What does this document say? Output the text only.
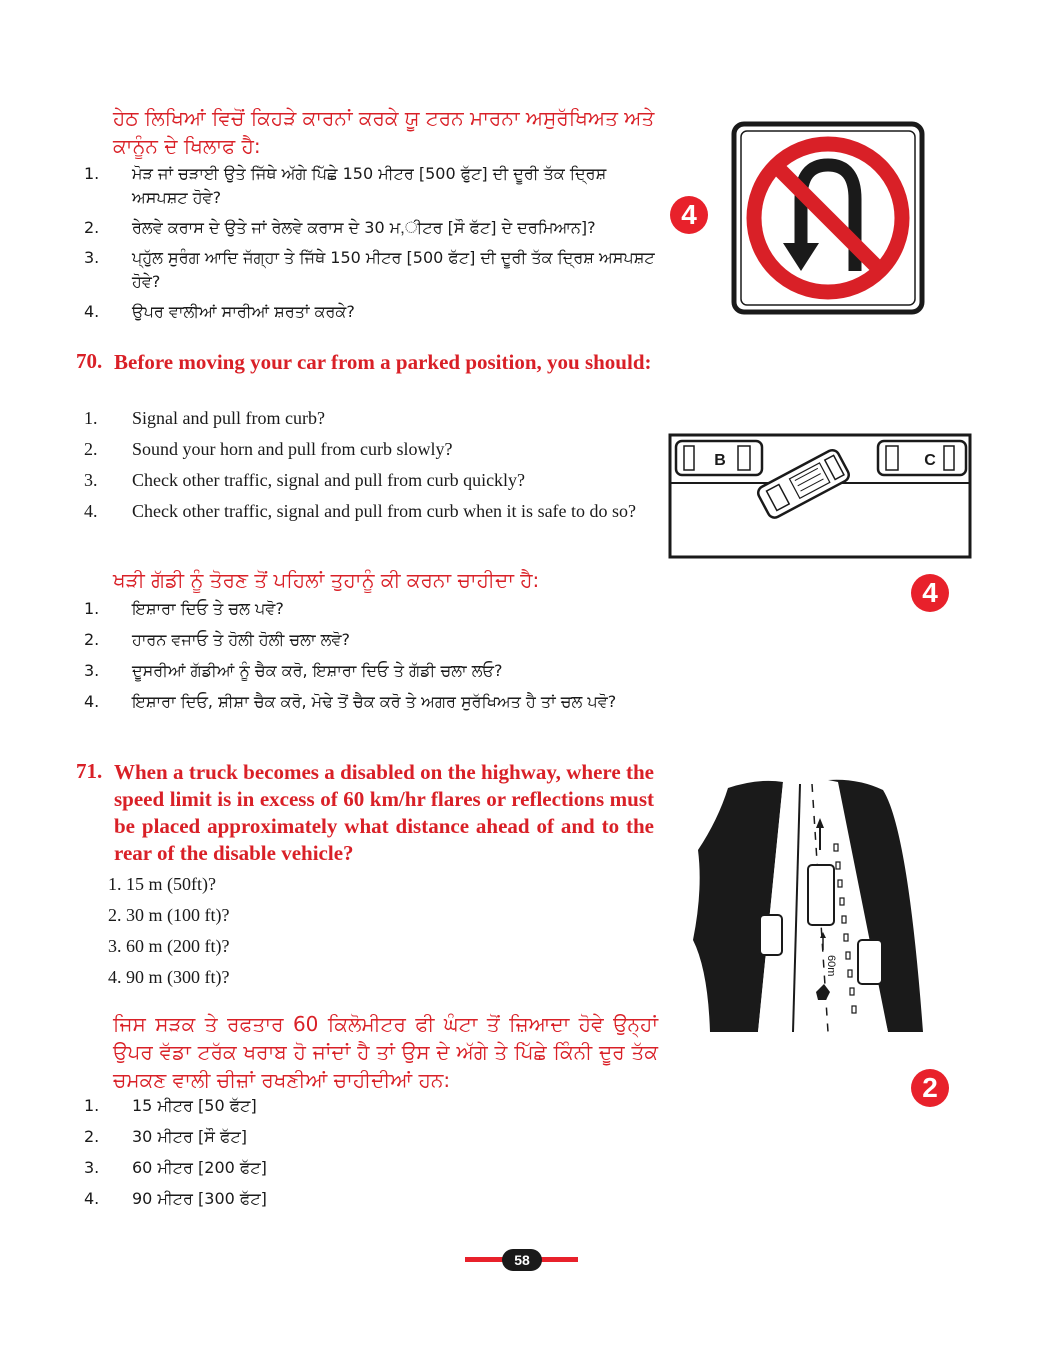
ਹੇਠ ਲਿਖਿਆਂ ਵਿਚੋਂ ਕਿਹੜੇ ਕਾਰਨਾਂ ਕਰਕੇ ਯੂ ਟਰਨ ਮਾਰਨਾ ਅਸੁਰੱਖਿਅਤ ਅਤੇ ਕਾਨੂੰਨ ਦੇ ਖਿਲਾਫ ਹੈ:
1. ਮੋੜ ਜਾਂ ਚੜਾਈ ਉਤੇ ਜਿੱਥੇ ਅੱਗੇ ਪਿੱਛੇ 150 ਮੀਟਰ [500 ਫੁੱਟ] ਦੀ ਦੂਰੀ ਤੱਕ ਦ੍ਰਿਸ਼ ਅਸਪਸ਼ਟ ਹੋਵੇ?
2. ਰੇਲਵੇ ਕਰਾਸ ਦੇ ਉਤੇ ਜਾਂ ਰੇਲਵੇ ਕਰਾਸ ਦੇ 30 ਮ,ੀਟਰ [ਸੌ ਫੱਟ] ਦੇ ਦਰਮਿਆਨ]?
3. ਪ੍ਹੁੱਲ ਸੁਰੰਗ ਆਦਿ ਜੱਗ੍ਹਾ ਤੇ ਜਿੱਥੇ 150 ਮੀਟਰ [500 ਫੱਟ] ਦੀ ਦੂਰੀ ਤੱਕ ਦ੍ਰਿਸ਼ ਅਸਪਸ਼ਟ ਹੋਵੇ?
4. ਉਪਰ ਵਾਲੀਆਂ ਸਾਰੀਆਂ ਸ਼ਰਤਾਂ ਕਰਕੇ?
4
70. Before moving your car from a parked position, you should:
1. Signal and pull from curb?
2. Sound your horn and pull from curb slowly?
3. Check other traffic, signal and pull from curb quickly?
4. Check other traffic, signal and pull from curb when it is safe to do so?
ਖੜੀ ਗੱਡੀ ਨੂੰ ਤੋਰਣ ਤੋਂ ਪਹਿਲਾਂ ਤੁਹਾਨੂੰ ਕੀ ਕਰਨਾ ਚਾਹੀਦਾ ਹੈ:
1. ਇਸ਼ਾਰਾ ਦਿਓ ਤੇ ਚਲ ਪਵੋ?
2. ਹਾਰਨ ਵਜਾਓ ਤੇ ਹੋਲੀ ਹੋਲੀ ਚਲਾ ਲਵੋ?
3. ਦੂਸਰੀਆਂ ਗੱਡੀਆਂ ਨੂੰ ਚੈਕ ਕਰੋ, ਇਸ਼ਾਰਾ ਦਿਓ ਤੇ ਗੱਡੀ ਚਲਾ ਲਓ?
4. ਇਸ਼ਾਰਾ ਦਿਓ, ਸ਼ੀਸ਼ਾ ਚੈਕ ਕਰੋ, ਮੋਢੇ ਤੋਂ ਚੈਕ ਕਰੋ ਤੇ ਅਗਰ ਸੁਰੱਖਿਅਤ ਹੈ ਤਾਂ ਚਲ ਪਵੋ?
B	C
4
71. When a truck becomes a disabled on the highway, where the speed limit is in excess of 60 km/hr flares or reflections must be placed approximately what distance ahead of and to the rear of the disable vehicle?
1. 15 m (50ft)?
2. 30 m (100 ft)?
3. 60 m (200 ft)?
4. 90 m (300 ft)?
ਜਿਸ ਸੜਕ ਤੇ ਰਫਤਾਰ 60 ਕਿਲੋਮੀਟਰ ਫੀ ਘੰਟਾ ਤੋਂ ਜ਼ਿਆਦਾ ਹੋਵੇ ਉਨ੍ਹਾਂ ਉਪਰ ਵੱਡਾ ਟਰੱਕ ਖਰਾਬ ਹੋ ਜਾਂਦਾਂ ਹੈ ਤਾਂ ਉਸ ਦੇ ਅੱਗੇ ਤੇ ਪਿੱਛੇ ਕਿੰਨੀ ਦੂਰ ਤੱਕ ਚਮਕਣ ਵਾਲੀ ਚੀਜ਼ਾਂ ਰਖਣੀਆਂ ਚਾਹੀਦੀਆਂ ਹਨ:
1. 15 ਮੀਟਰ [50 ਫੱਟ]
2. 30 ਮੀਟਰ [ਸੌ ਫੱਟ]
3. 60 ਮੀਟਰ [200 ਫੱਟ]
4. 90 ਮੀਟਰ [300 ਫੱਟ]
60m
2
58
